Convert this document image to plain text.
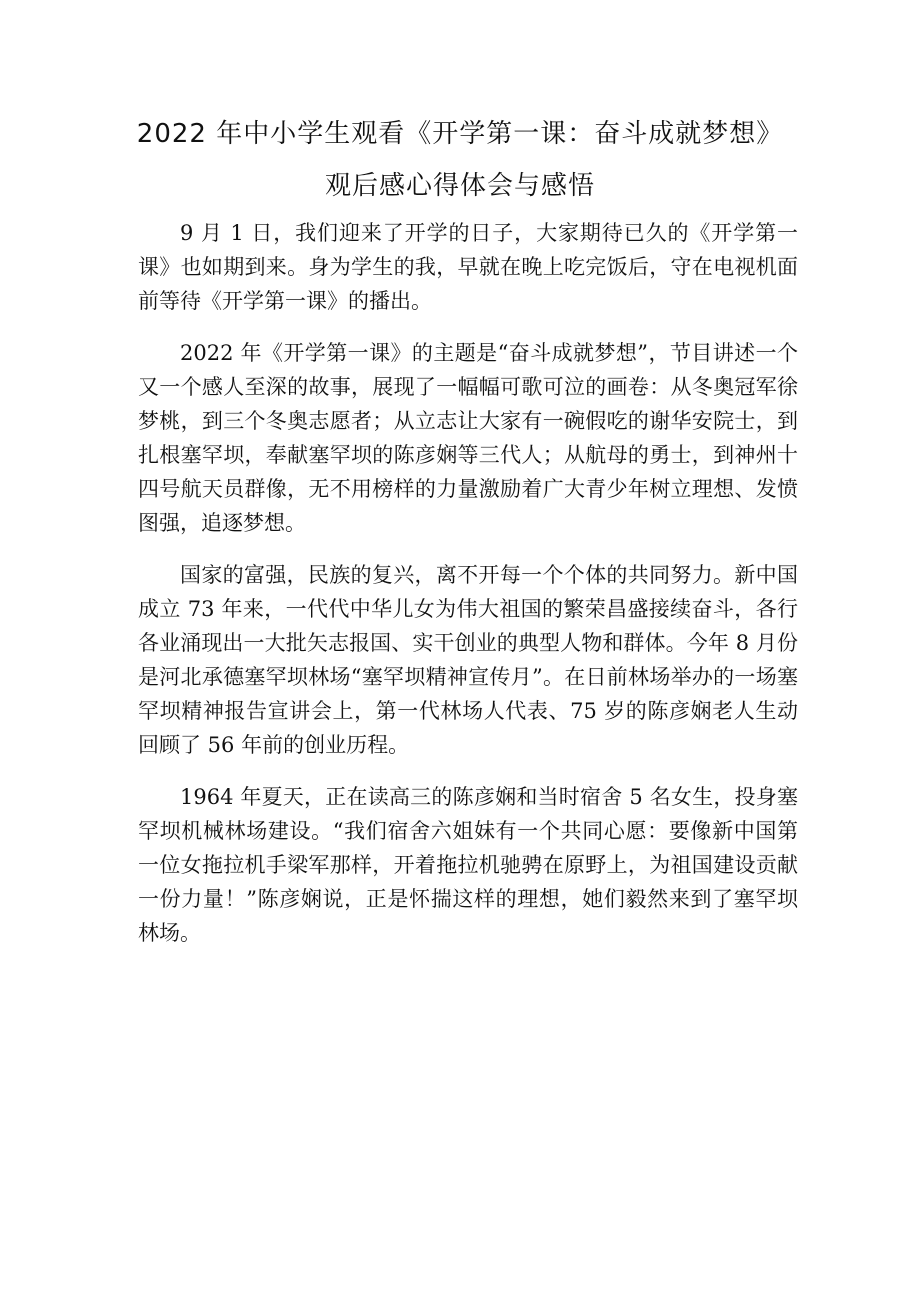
2022 年中小学生观看《开学第一课：奋斗成就梦想》
观后感心得体会与感悟

9 月 1 日，我们迎来了开学的日子，大家期待已久的《开学第一课》也如期到来。身为学生的我，早就在晚上吃完饭后，守在电视机面前等待《开学第一课》的播出。

2022 年《开学第一课》的主题是“奋斗成就梦想”，节目讲述一个又一个感人至深的故事，展现了一幅幅可歌可泣的画卷：从冬奥冠军徐梦桃，到三个冬奥志愿者；从立志让大家有一碗假吃的谢华安院士，到扎根塞罕坝，奉献塞罕坝的陈彦娴等三代人；从航母的勇士，到神州十四号航天员群像，无不用榜样的力量激励着广大青少年树立理想、发愤图强，追逐梦想。

国家的富强，民族的复兴，离不开每一个个体的共同努力。新中国成立 73 年来，一代代中华儿女为伟大祖国的繁荣昌盛接续奋斗，各行各业涌现出一大批矢志报国、实干创业的典型人物和群体。今年 8 月份是河北承德塞罕坝林场“塞罕坝精神宣传月”。在日前林场举办的一场塞罕坝精神报告宣讲会上，第一代林场人代表、75 岁的陈彦娴老人生动回顾了 56 年前的创业历程。

1964 年夏天，正在读高三的陈彦娴和当时宿舍 5 名女生，投身塞罕坝机械林场建设。“我们宿舍六姐妹有一个共同心愿：要像新中国第一位女拖拉机手梁军那样，开着拖拉机驰骋在原野上，为祖国建设贡献一份力量！”陈彦娴说，正是怀揣这样的理想，她们毅然来到了塞罕坝林场。
